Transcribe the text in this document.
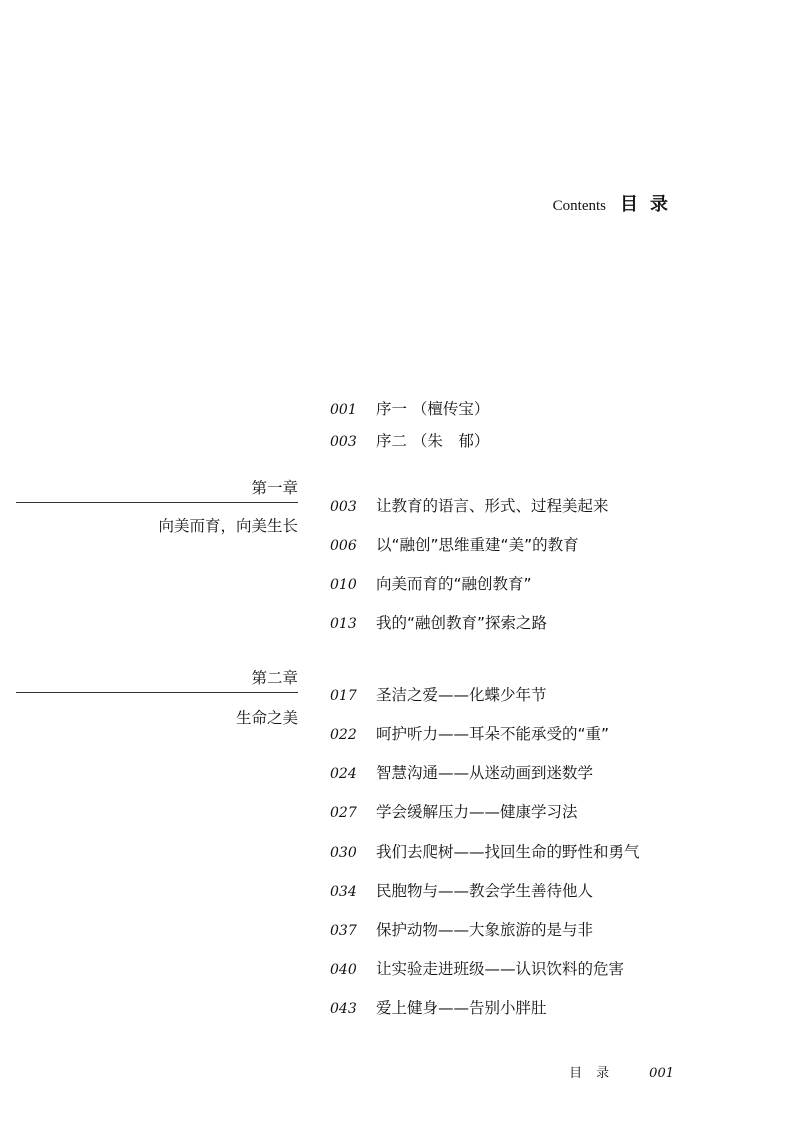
Contents 目录
001	序一 （檀传宝）
003	序二 （朱　郁）
第一章
向美而育，向美生长
003	让教育的语言、形式、过程美起来
006	以“融创”思维重建“美”的教育
010	向美而育的“融创教育”
013	我的“融创教育”探索之路
第二章
生命之美
017	圣洁之爱——化蝶少年节
022	呵护听力——耳朵不能承受的“重”
024	智慧沟通——从迷动画到迷数学
027	学会缓解压力——健康学习法
030	我们去爬树——找回生命的野性和勇气
034	民胞物与——教会学生善待他人
037	保护动物——大象旅游的是与非
040	让实验走进班级——认识饮料的危害
043	爱上健身——告别小胖肚
目录 001
